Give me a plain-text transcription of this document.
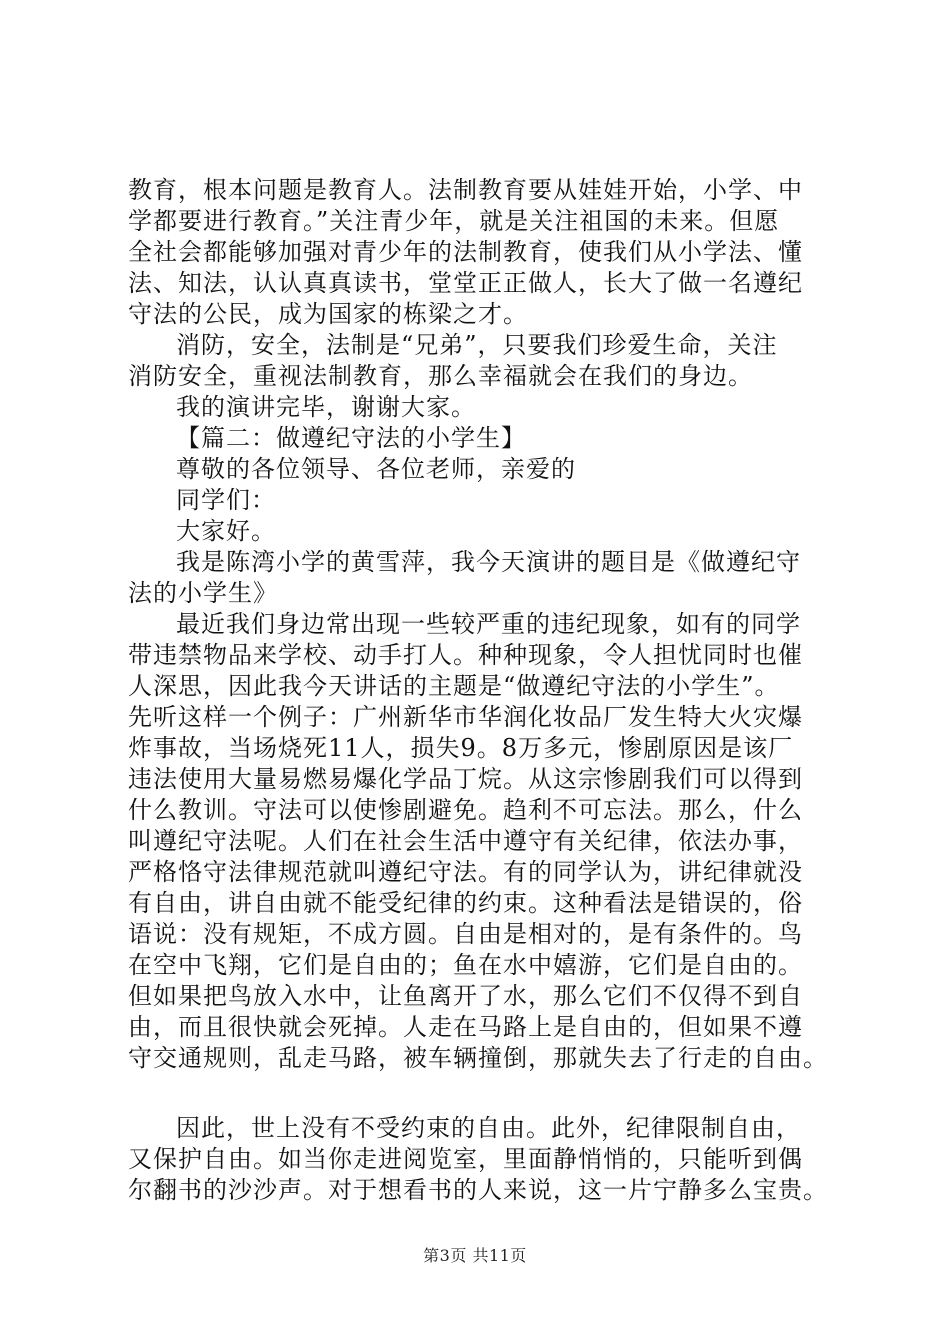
教育，根本问题是教育人。法制教育要从娃娃开始，小学、中
学都要进行教育。”关注青少年，就是关注祖国的未来。但愿
全社会都能够加强对青少年的法制教育，使我们从小学法、懂
法、知法，认认真真读书，堂堂正正做人，长大了做一名遵纪
守法的公民，成为国家的栋梁之才。
消防，安全，法制是“兄弟”，只要我们珍爱生命，关注
消防安全，重视法制教育，那么幸福就会在我们的身边。
我的演讲完毕，谢谢大家。
【篇二：做遵纪守法的小学生】
尊敬的各位领导、各位老师，亲爱的
同学们：
大家好。
我是陈湾小学的黄雪萍，我今天演讲的题目是《做遵纪守
法的小学生》
最近我们身边常出现一些较严重的违纪现象，如有的同学
带违禁物品来学校、动手打人。种种现象，令人担忧同时也催
人深思，因此我今天讲话的主题是“做遵纪守法的小学生”。
先听这样一个例子：广州新华市华润化妆品厂发生特大火灾爆
炸事故，当场烧死11人，损失9。8万多元，惨剧原因是该厂
违法使用大量易燃易爆化学品丁烷。从这宗惨剧我们可以得到
什么教训。守法可以使惨剧避免。趋利不可忘法。那么，什么
叫遵纪守法呢。人们在社会生活中遵守有关纪律，依法办事，
严格恪守法律规范就叫遵纪守法。有的同学认为，讲纪律就没
有自由，讲自由就不能受纪律的约束。这种看法是错误的，俗
语说：没有规矩，不成方圆。自由是相对的，是有条件的。鸟
在空中飞翔，它们是自由的；鱼在水中嬉游，它们是自由的。
但如果把鸟放入水中，让鱼离开了水，那么它们不仅得不到自
由，而且很快就会死掉。人走在马路上是自由的，但如果不遵
守交通规则，乱走马路，被车辆撞倒，那就失去了行走的自由。
因此，世上没有不受约束的自由。此外，纪律限制自由，
又保护自由。如当你走进阅览室，里面静悄悄的，只能听到偶
尔翻书的沙沙声。对于想看书的人来说，这一片宁静多么宝贵。
第3页 共11页
